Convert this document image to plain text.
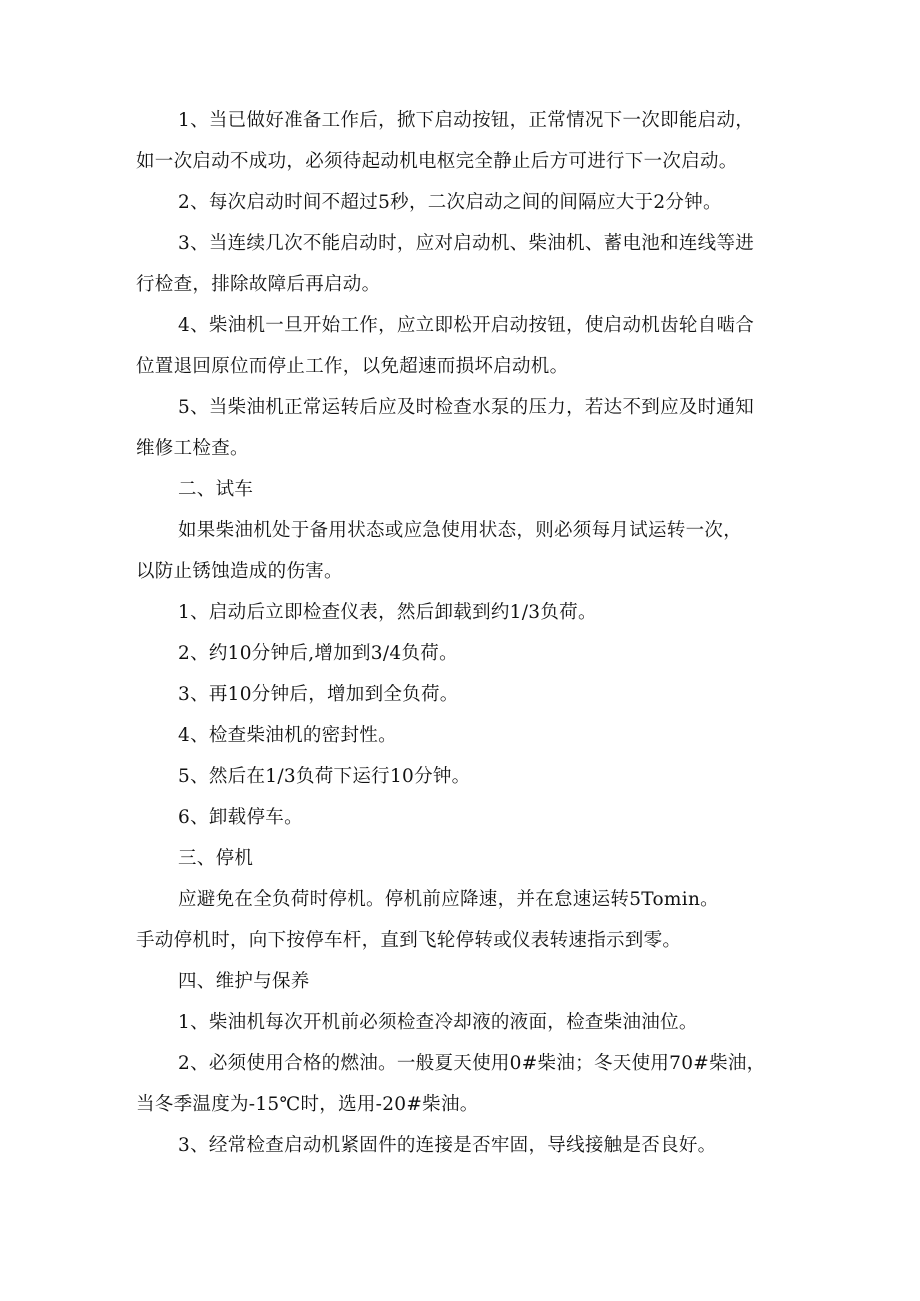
1、当已做好准备工作后，掀下启动按钮，正常情况下一次即能启动，
如一次启动不成功，必须待起动机电枢完全静止后方可进行下一次启动。

2、每次启动时间不超过5秒，二次启动之间的间隔应大于2分钟。

3、当连续几次不能启动时，应对启动机、柴油机、蓄电池和连线等进
行检查，排除故障后再启动。

4、柴油机一旦开始工作，应立即松开启动按钮，使启动机齿轮自啮合
位置退回原位而停止工作，以免超速而损坏启动机。

5、当柴油机正常运转后应及时检查水泵的压力，若达不到应及时通知
维修工检查。

二、试车

如果柴油机处于备用状态或应急使用状态，则必须每月试运转一次，
以防止锈蚀造成的伤害。

1、启动后立即检查仪表，然后卸载到约1/3负荷。

2、约10分钟后,增加到3/4负荷。

3、再10分钟后，增加到全负荷。

4、检查柴油机的密封性。

5、然后在1/3负荷下运行10分钟。

6、卸载停车。

三、停机

应避免在全负荷时停机。停机前应降速，并在怠速运转5Tomin。
手动停机时，向下按停车杆，直到飞轮停转或仪表转速指示到零。

四、维护与保养

1、柴油机每次开机前必须检查冷却液的液面，检查柴油油位。

2、必须使用合格的燃油。一般夏天使用0#柴油；冬天使用70#柴油，
当冬季温度为-15℃时，选用-20#柴油。

3、经常检查启动机紧固件的连接是否牢固，导线接触是否良好。
